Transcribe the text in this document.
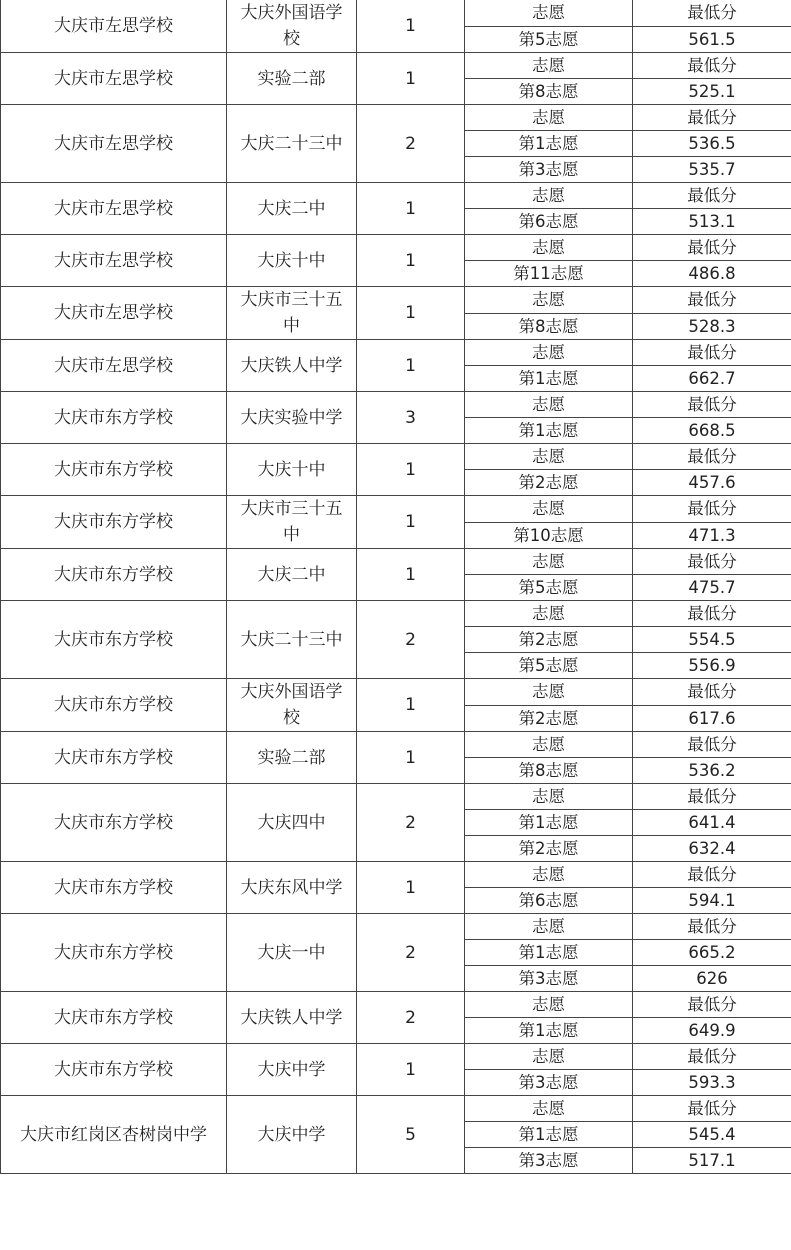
大庆市左思学校	大庆外国语学校	1	志愿	最低分
			第5志愿	561.5
大庆市左思学校	实验二部	1	志愿	最低分
			第8志愿	525.1
大庆市左思学校	大庆二十三中	2	志愿	最低分
			第1志愿	536.5
			第3志愿	535.7
大庆市左思学校	大庆二中	1	志愿	最低分
			第6志愿	513.1
大庆市左思学校	大庆十中	1	志愿	最低分
			第11志愿	486.8
大庆市左思学校	大庆市三十五中	1	志愿	最低分
			第8志愿	528.3
大庆市左思学校	大庆铁人中学	1	志愿	最低分
			第1志愿	662.7
大庆市东方学校	大庆实验中学	3	志愿	最低分
			第1志愿	668.5
大庆市东方学校	大庆十中	1	志愿	最低分
			第2志愿	457.6
大庆市东方学校	大庆市三十五中	1	志愿	最低分
			第10志愿	471.3
大庆市东方学校	大庆二中	1	志愿	最低分
			第5志愿	475.7
大庆市东方学校	大庆二十三中	2	志愿	最低分
			第2志愿	554.5
			第5志愿	556.9
大庆市东方学校	大庆外国语学校	1	志愿	最低分
			第2志愿	617.6
大庆市东方学校	实验二部	1	志愿	最低分
			第8志愿	536.2
大庆市东方学校	大庆四中	2	志愿	最低分
			第1志愿	641.4
			第2志愿	632.4
大庆市东方学校	大庆东风中学	1	志愿	最低分
			第6志愿	594.1
大庆市东方学校	大庆一中	2	志愿	最低分
			第1志愿	665.2
			第3志愿	626
大庆市东方学校	大庆铁人中学	2	志愿	最低分
			第1志愿	649.9
大庆市东方学校	大庆中学	1	志愿	最低分
			第3志愿	593.3
大庆市红岗区杏树岗中学	大庆中学	5	志愿	最低分
			第1志愿	545.4
			第3志愿	517.1
